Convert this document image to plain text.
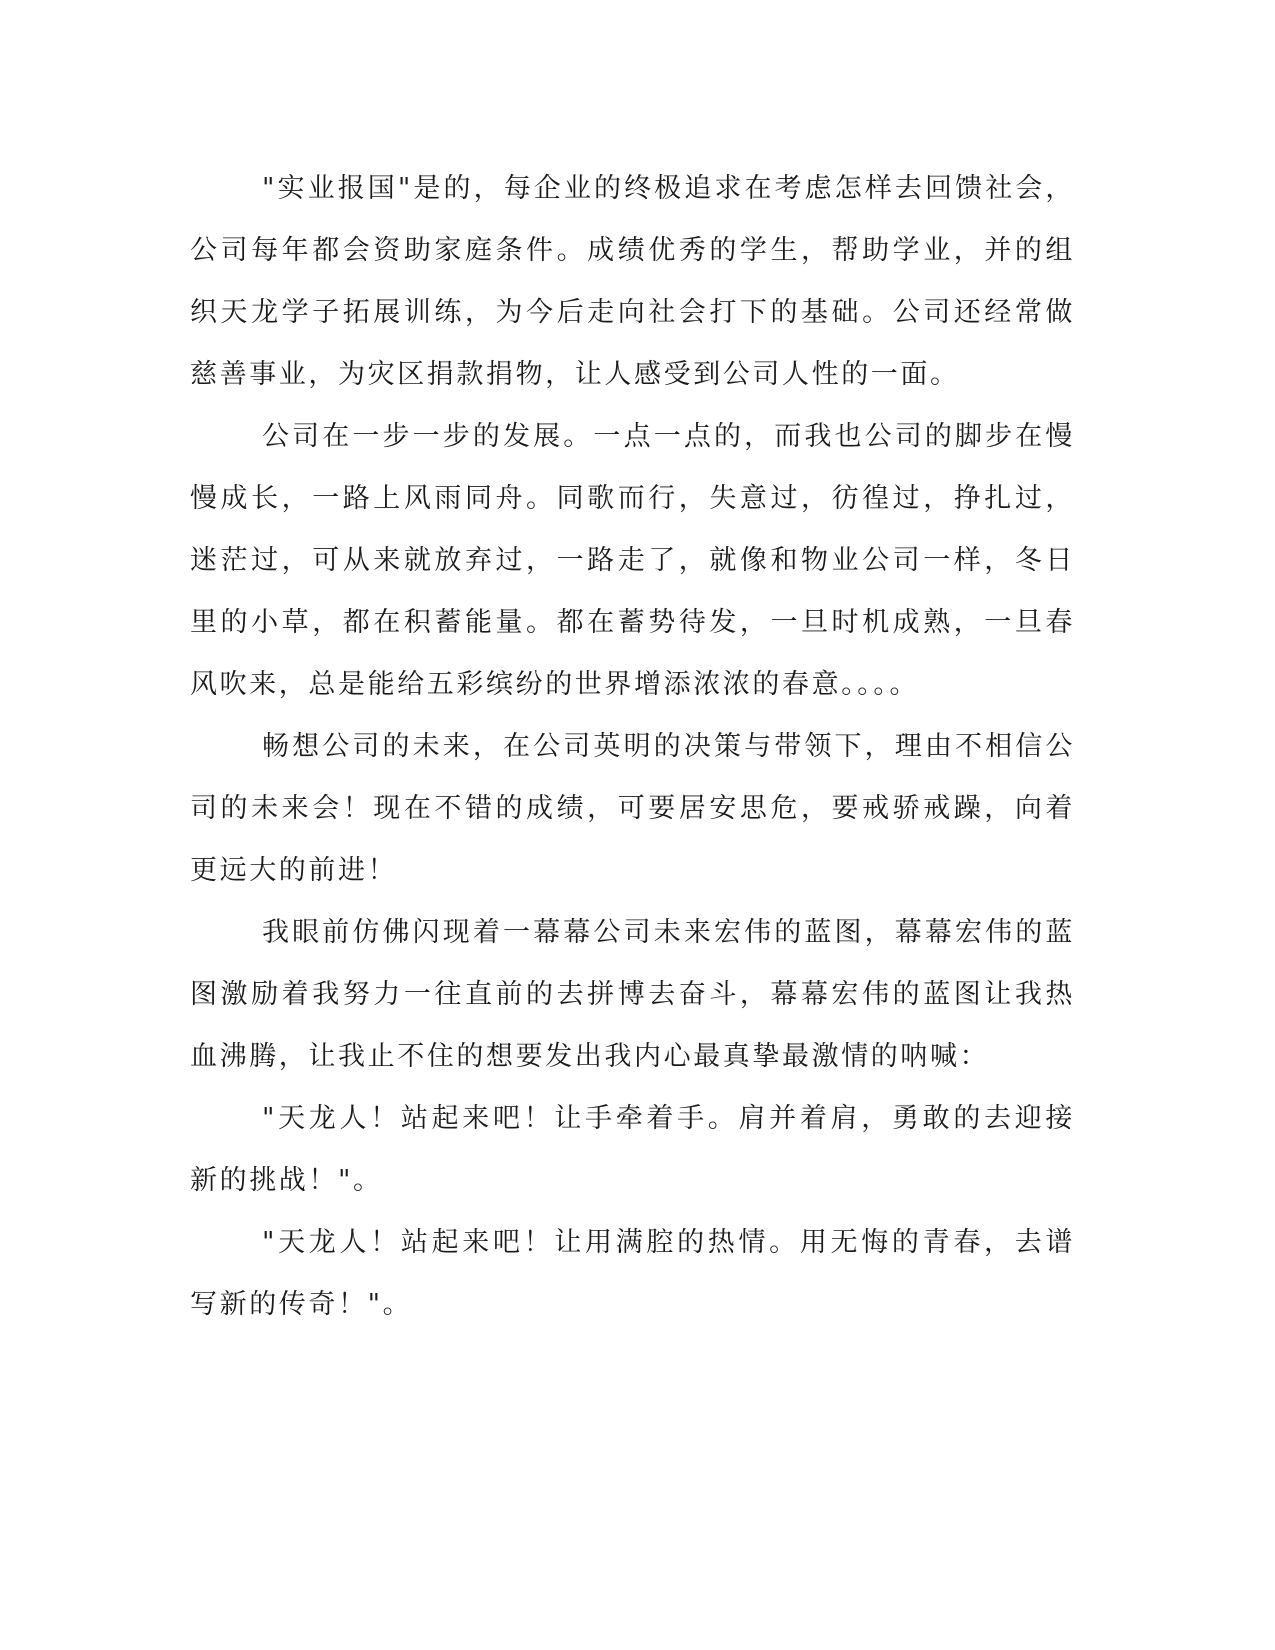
"实业报国"是的，每企业的终极追求在考虑怎样去回馈社会，公司每年都会资助家庭条件。成绩优秀的学生，帮助学业，并的组织天龙学子拓展训练，为今后走向社会打下的基础。公司还经常做慈善事业，为灾区捐款捐物，让人感受到公司人性的一面。

公司在一步一步的发展。一点一点的，而我也公司的脚步在慢慢成长，一路上风雨同舟。同歌而行，失意过，彷徨过，挣扎过，迷茫过，可从来就放弃过，一路走了，就像和物业公司一样，冬日里的小草，都在积蓄能量。都在蓄势待发，一旦时机成熟，一旦春风吹来，总是能给五彩缤纷的世界增添浓浓的春意。。。。

畅想公司的未来，在公司英明的决策与带领下，理由不相信公司的未来会！现在不错的成绩，可要居安思危，要戒骄戒躁，向着更远大的前进！

我眼前仿佛闪现着一幕幕公司未来宏伟的蓝图，幕幕宏伟的蓝图激励着我努力一往直前的去拼博去奋斗，幕幕宏伟的蓝图让我热血沸腾，让我止不住的想要发出我内心最真挚最激情的呐喊：

"天龙人！站起来吧！让手牵着手。肩并着肩，勇敢的去迎接新的挑战！"。

"天龙人！站起来吧！让用满腔的热情。用无悔的青春，去谱写新的传奇！"。
